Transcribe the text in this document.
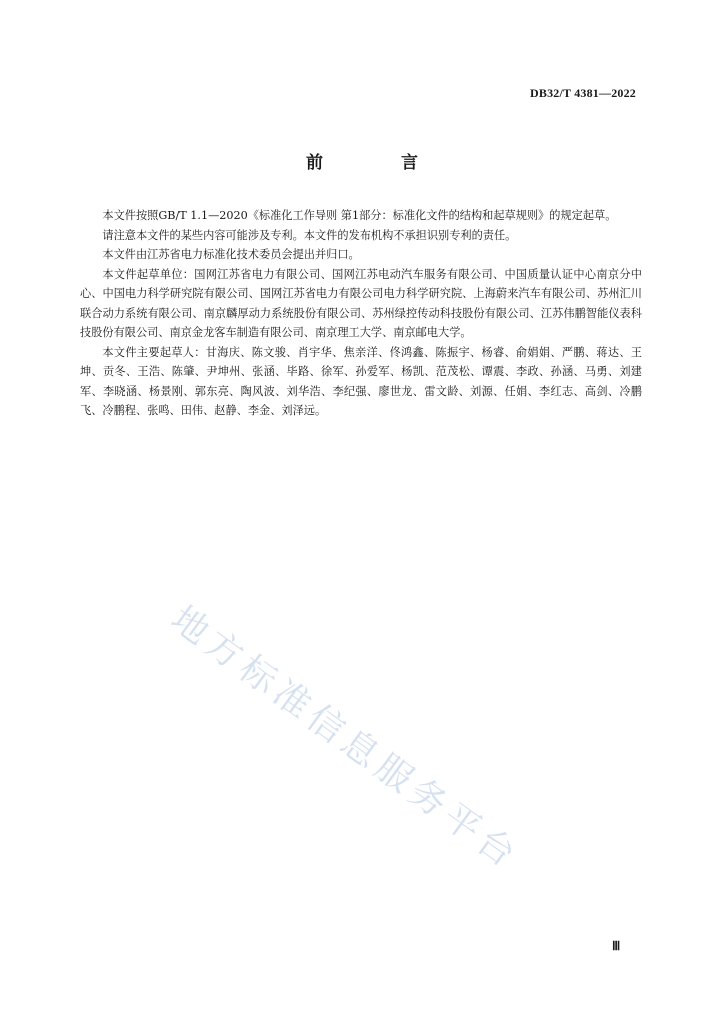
DB32/T 4381—2022
前 言

本文件按照GB/T 1.1—2020《标准化工作导则 第1部分：标准化文件的结构和起草规则》的规定起草。

请注意本文件的某些内容可能涉及专利。本文件的发布机构不承担识别专利的责任。

本文件由江苏省电力标准化技术委员会提出并归口。

本文件起草单位：国网江苏省电力有限公司、国网江苏电动汽车服务有限公司、中国质量认证中心南京分中心、中国电力科学研究院有限公司、国网江苏省电力有限公司电力科学研究院、上海蔚来汽车有限公司、苏州汇川联合动力系统有限公司、南京麟厚动力系统股份有限公司、苏州绿控传动科技股份有限公司、江苏伟鹏智能仪表科技股份有限公司、南京金龙客车制造有限公司、南京理工大学、南京邮电大学。

本文件主要起草人：甘海庆、陈文骏、肖宇华、焦亲洋、佟鸿鑫、陈振宇、杨睿、俞娟娟、严鹏、蒋达、王坤、贡冬、王浩、陈肇、尹坤州、张涵、毕路、徐军、孙爱军、杨凯、范茂松、谭震、李政、孙涵、马勇、刘建军、李晓涵、杨景刚、郭东亮、陶风波、刘华浩、李纪强、廖世龙、雷文龄、刘源、任娟、李红志、高剑、冷鹏飞、冷鹏程、张鸣、田伟、赵静、李金、刘泽远。

地方标准信息服务平台
Ⅲ
